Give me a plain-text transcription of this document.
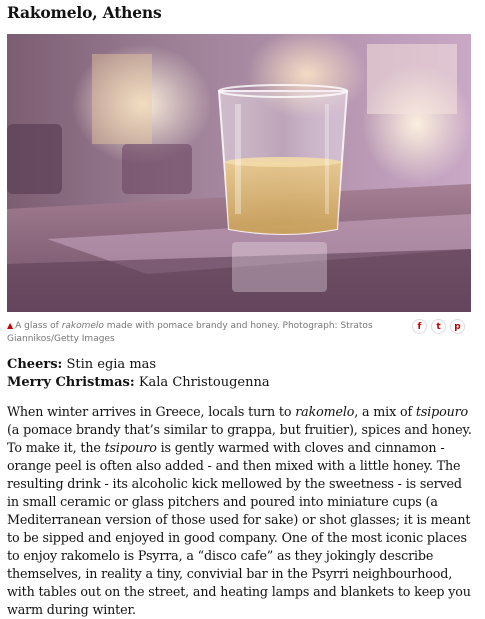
Rakomelo, Athens
▲ A glass of rakomelo made with pomace brandy and honey. Photograph: Stratos Giannikos/Getty Images
f	t	p
Cheers: Stin egia mas
Merry Christmas: Kala Christougenna

When winter arrives in Greece, locals turn to rakomelo, a mix of tsipouro (a pomace brandy that’s similar to grappa, but fruitier), spices and honey. To make it, the tsipouro is gently warmed with cloves and cinnamon - orange peel is often also added - and then mixed with a little honey. The resulting drink - its alcoholic kick mellowed by the sweetness - is served in small ceramic or glass pitchers and poured into miniature cups (a Mediterranean version of those used for sake) or shot glasses; it is meant to be sipped and enjoyed in good company. One of the most iconic places to enjoy rakomelo is Psyrra, a “disco cafe” as they jokingly describe themselves, in reality a tiny, convivial bar in the Psyrri neighbourhood, with tables out on the street, and heating lamps and blankets to keep you warm during winter.
